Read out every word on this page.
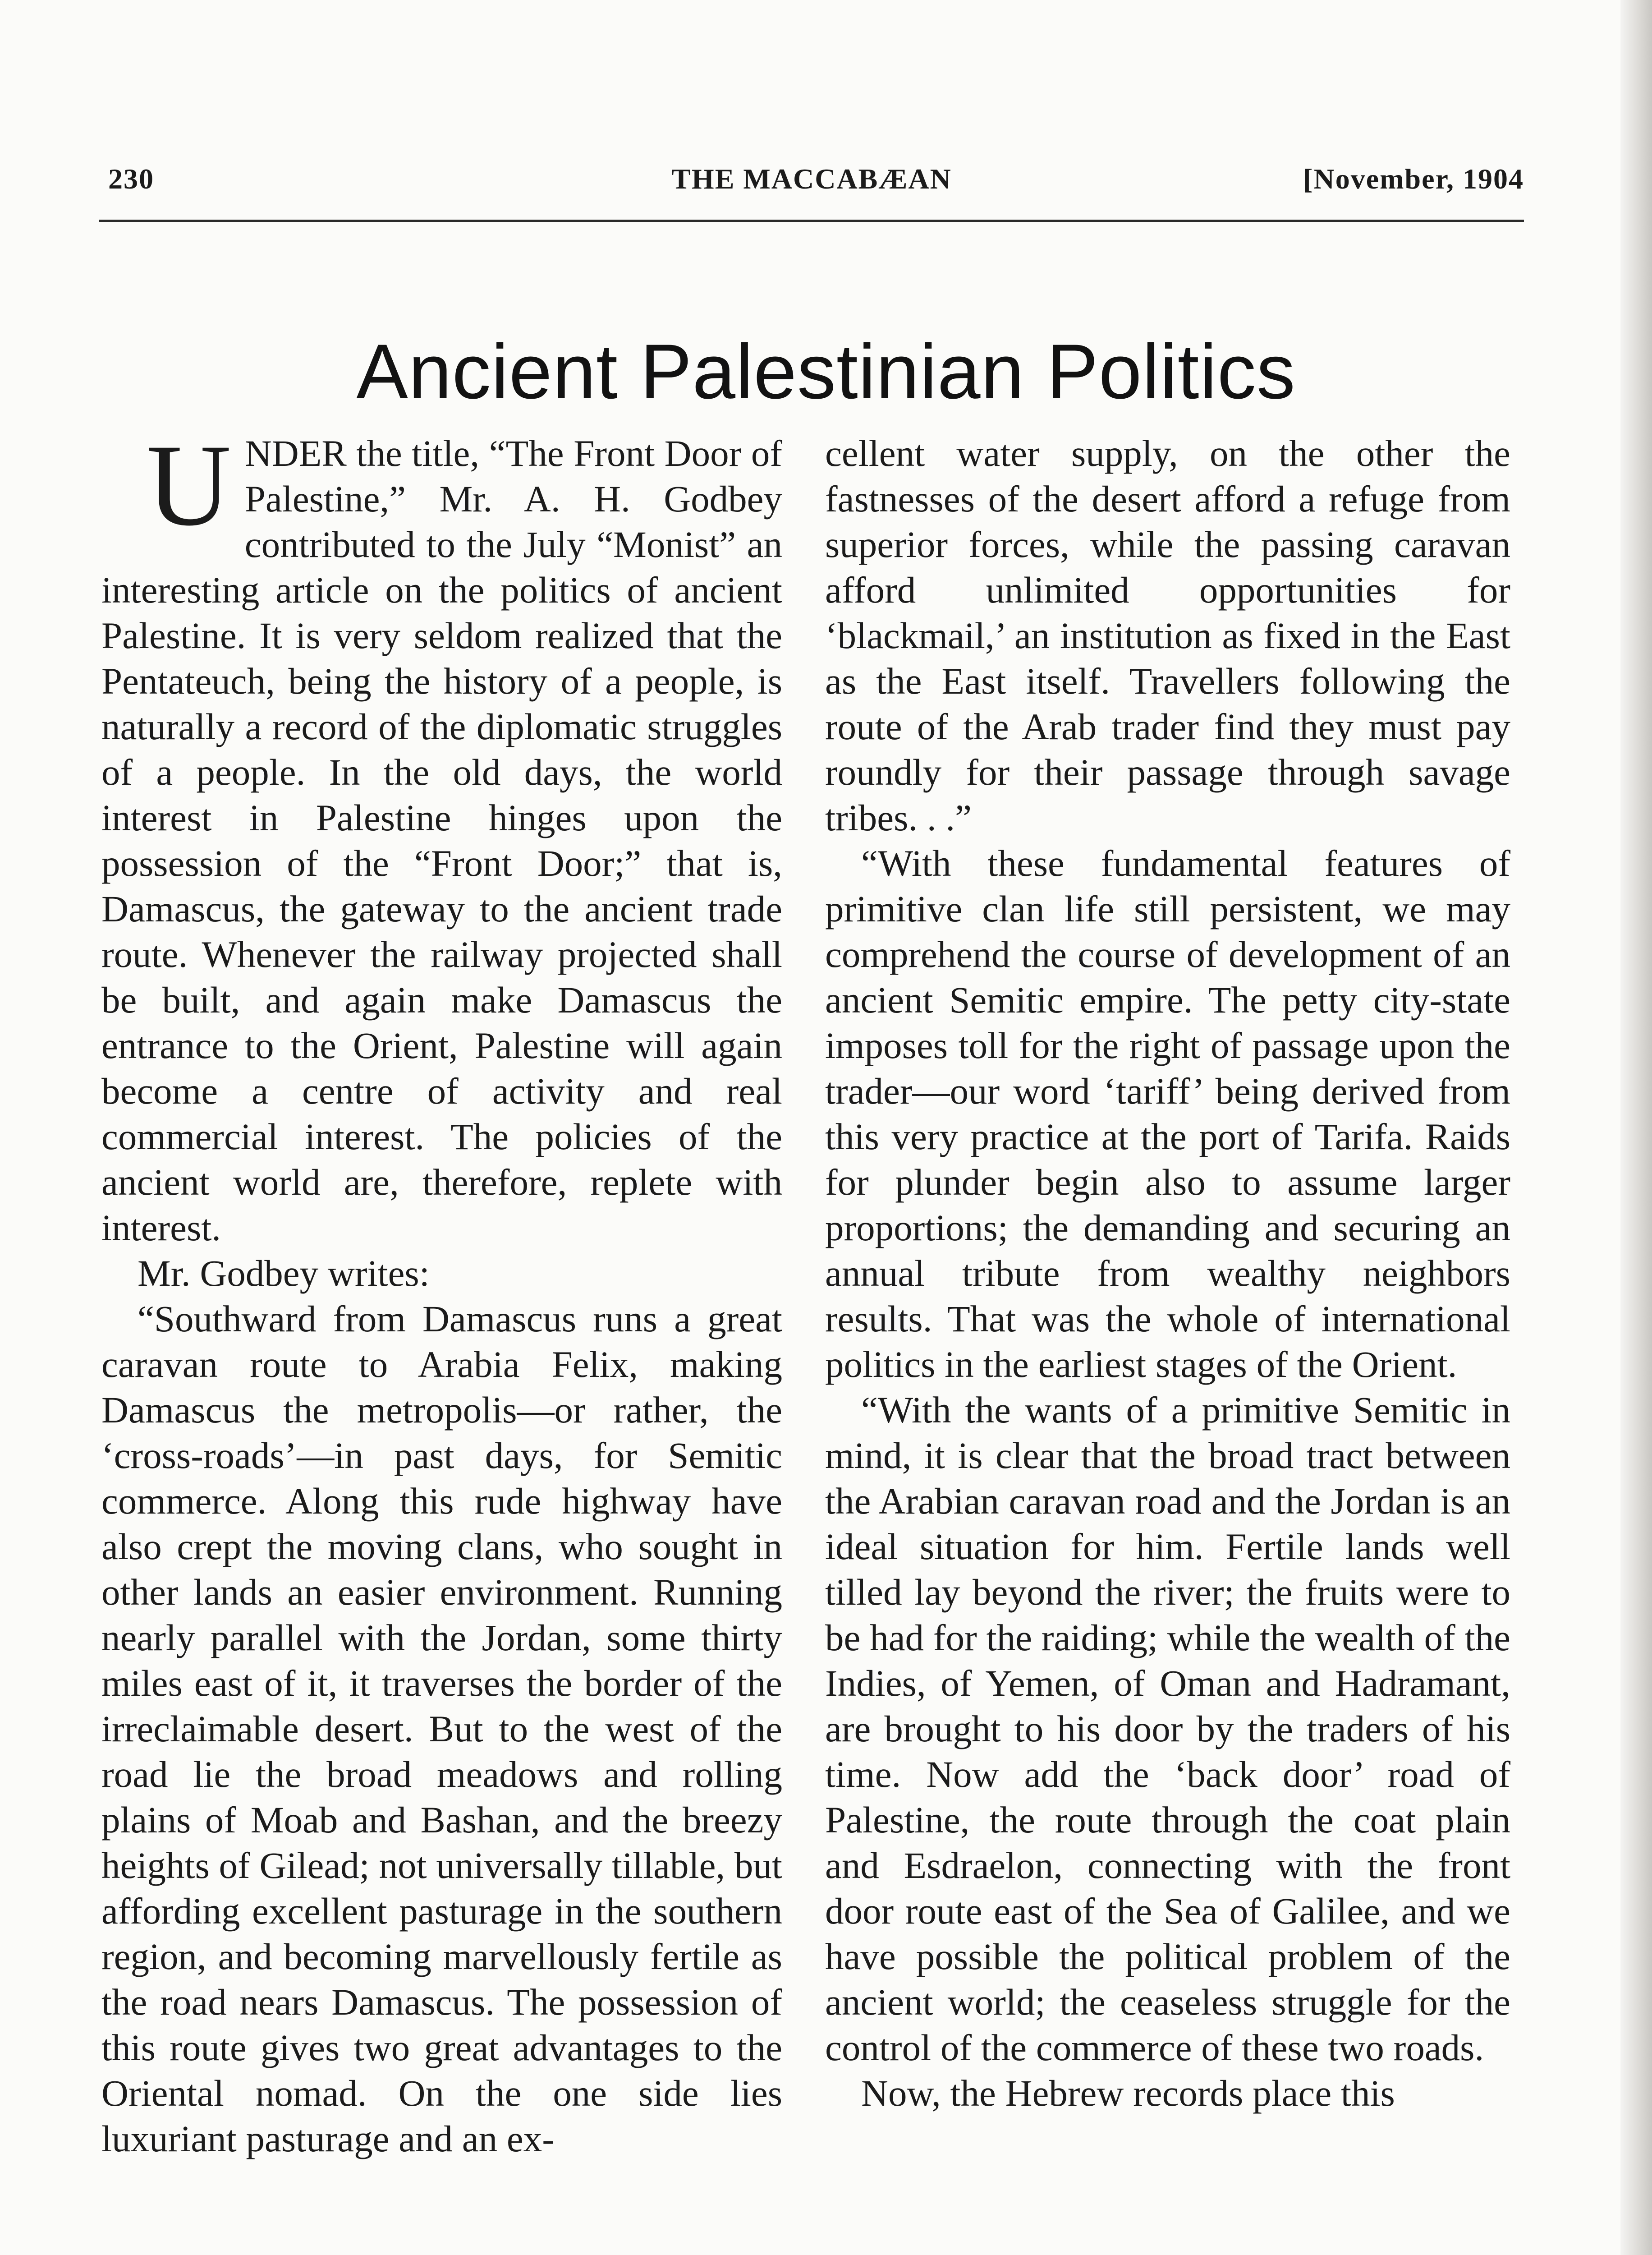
230	THE MACCABÆAN	[November, 1904
Ancient Palestinian Politics
U NDER the title, “The Front Door of Palestine,” Mr. A. H. Godbey contributed to the July “Monist” an interesting article on the politics of ancient Palestine. It is very seldom realized that the Pentateuch, being the history of a people, is naturally a record of the diplomatic struggles of a people. In the old days, the world interest in Palestine hinges upon the possession of the “Front Door;” that is, Damascus, the gateway to the ancient trade route. Whenever the railway projected shall be built, and again make Damascus the entrance to the Orient, Palestine will again become a centre of activity and real commercial interest. The policies of the ancient world are, therefore, replete with interest.

Mr. Godbey writes:

“Southward from Damascus runs a great caravan route to Arabia Felix, making Damascus the metropolis—or rather, the ‘cross-roads’—in past days, for Semitic commerce. Along this rude highway have also crept the moving clans, who sought in other lands an easier environment. Running nearly parallel with the Jordan, some thirty miles east of it, it traverses the border of the irreclaimable desert. But to the west of the road lie the broad meadows and rolling plains of Moab and Bashan, and the breezy heights of Gilead; not universally tillable, but affording excellent pasturage in the southern region, and becoming marvellously fertile as the road nears Damascus. The possession of this route gives two great advantages to the Oriental nomad. On the one side lies luxuriant pasturage and an ex-

cellent water supply, on the other the fastnesses of the desert afford a refuge from superior forces, while the passing caravan afford unlimited opportunities for ‘blackmail,’ an institution as fixed in the East as the East itself. Travellers following the route of the Arab trader find they must pay roundly for their passage through savage tribes. . .”

“With these fundamental features of primitive clan life still persistent, we may comprehend the course of development of an ancient Semitic empire. The petty city-state imposes toll for the right of passage upon the trader—our word ‘tariff’ being derived from this very practice at the port of Tarifa. Raids for plunder begin also to assume larger proportions; the demanding and securing an annual tribute from wealthy neighbors results. That was the whole of international politics in the earliest stages of the Orient.

“With the wants of a primitive Semitic in mind, it is clear that the broad tract between the Arabian caravan road and the Jordan is an ideal situation for him. Fertile lands well tilled lay beyond the river; the fruits were to be had for the raiding; while the wealth of the Indies, of Yemen, of Oman and Hadramant, are brought to his door by the traders of his time. Now add the ‘back door’ road of Palestine, the route through the coat plain and Esdraelon, connecting with the front door route east of the Sea of Galilee, and we have possible the political problem of the ancient world; the ceaseless struggle for the control of the commerce of these two roads.

Now, the Hebrew records place this
